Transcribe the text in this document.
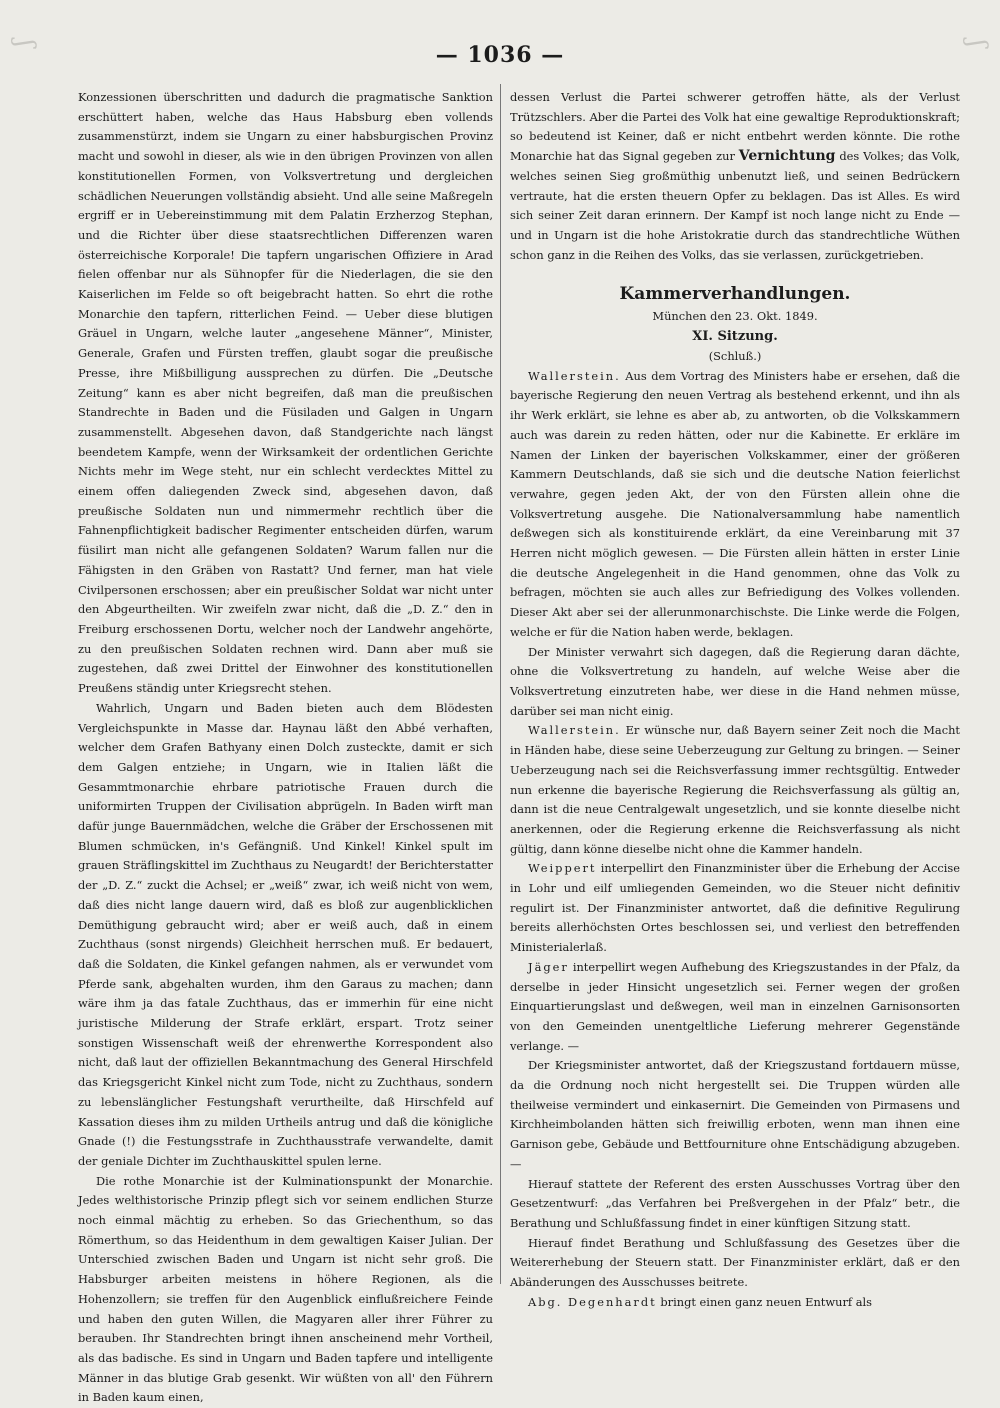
ʃ	ʃ
— 1036 —

Konzessionen überschritten und dadurch die pragmatische Sanktion erschüttert haben, welche das Haus Habsburg eben vollends zusammenstürzt, indem sie Ungarn zu einer habsburgischen Provinz macht und sowohl in dieser, als wie in den übrigen Provinzen von allen konstitutionellen Formen, von Volksvertretung und dergleichen schädlichen Neuerungen vollständig absieht. Und alle seine Maßregeln ergriff er in Uebereinstimmung mit dem Palatin Erzherzog Stephan, und die Richter über diese staatsrechtlichen Differenzen waren österreichische Korporale! Die tapfern ungarischen Offiziere in Arad fielen offenbar nur als Sühnopfer für die Niederlagen, die sie den Kaiserlichen im Felde so oft beigebracht hatten. So ehrt die rothe Monarchie den tapfern, ritterlichen Feind. — Ueber diese blutigen Gräuel in Ungarn, welche lauter „angesehene Männer“, Minister, Generale, Grafen und Fürsten treffen, glaubt sogar die preußische Presse, ihre Mißbilligung aussprechen zu dürfen. Die „Deutsche Zeitung“ kann es aber nicht begreifen, daß man die preußischen Standrechte in Baden und die Füsiladen und Galgen in Ungarn zusammenstellt. Abgesehen davon, daß Standgerichte nach längst beendetem Kampfe, wenn der Wirksamkeit der ordentlichen Gerichte Nichts mehr im Wege steht, nur ein schlecht verdecktes Mittel zu einem offen daliegenden Zweck sind, abgesehen davon, daß preußische Soldaten nun und nimmermehr rechtlich über die Fahnenpflichtigkeit badischer Regimenter entscheiden dürfen, warum füsilirt man nicht alle gefangenen Soldaten? Warum fallen nur die Fähigsten in den Gräben von Rastatt? Und ferner, man hat viele Civilpersonen erschossen; aber ein preußischer Soldat war nicht unter den Abgeurtheilten. Wir zweifeln zwar nicht, daß die „D. Z.“ den in Freiburg erschossenen Dortu, welcher noch der Landwehr angehörte, zu den preußischen Soldaten rechnen wird. Dann aber muß sie zugestehen, daß zwei Drittel der Einwohner des konstitutionellen Preußens ständig unter Kriegsrecht stehen.

Wahrlich, Ungarn und Baden bieten auch dem Blödesten Vergleichspunkte in Masse dar. Haynau läßt den Abbé verhaften, welcher dem Grafen Bathyany einen Dolch zusteckte, damit er sich dem Galgen entziehe; in Ungarn, wie in Italien läßt die Gesammtmonarchie ehrbare patriotische Frauen durch die uniformirten Truppen der Civilisation abprügeln. In Baden wirft man dafür junge Bauernmädchen, welche die Gräber der Erschossenen mit Blumen schmücken, in's Gefängniß. Und Kinkel! Kinkel spult im grauen Sträflingskittel im Zuchthaus zu Neugardt! der Berichterstatter der „D. Z.“ zuckt die Achsel; er „weiß“ zwar, ich weiß nicht von wem, daß dies nicht lange dauern wird, daß es bloß zur augenblicklichen Demüthigung gebraucht wird; aber er weiß auch, daß in einem Zuchthaus (sonst nirgends) Gleichheit herrschen muß. Er bedauert, daß die Soldaten, die Kinkel gefangen nahmen, als er verwundet vom Pferde sank, abgehalten wurden, ihm den Garaus zu machen; dann wäre ihm ja das fatale Zuchthaus, das er immerhin für eine nicht juristische Milderung der Strafe erklärt, erspart. Trotz seiner sonstigen Wissenschaft weiß der ehrenwerthe Korrespondent also nicht, daß laut der offiziellen Bekanntmachung des General Hirschfeld das Kriegsgericht Kinkel nicht zum Tode, nicht zu Zuchthaus, sondern zu lebenslänglicher Festungshaft verurtheilte, daß Hirschfeld auf Kassation dieses ihm zu milden Urtheils antrug und daß die königliche Gnade (!) die Festungsstrafe in Zuchthausstrafe verwandelte, damit der geniale Dichter im Zuchthauskittel spulen lerne.

Die rothe Monarchie ist der Kulminationspunkt der Monarchie. Jedes welthistorische Prinzip pflegt sich vor seinem endlichen Sturze noch einmal mächtig zu erheben. So das Griechenthum, so das Römerthum, so das Heidenthum in dem gewaltigen Kaiser Julian. Der Unterschied zwischen Baden und Ungarn ist nicht sehr groß. Die Habsburger arbeiten meistens in höhere Regionen, als die Hohenzollern; sie treffen für den Augenblick einflußreichere Feinde und haben den guten Willen, die Magyaren aller ihrer Führer zu berauben. Ihr Standrechten bringt ihnen anscheinend mehr Vortheil, als das badische. Es sind in Ungarn und Baden tapfere und intelligente Männer in das blutige Grab gesenkt. Wir wüßten von all' den Führern in Baden kaum einen,

dessen Verlust die Partei schwerer getroffen hätte, als der Verlust Trützschlers. Aber die Partei des Volk hat eine gewaltige Reproduktionskraft; so bedeutend ist Keiner, daß er nicht entbehrt werden könnte. Die rothe Monarchie hat das Signal gegeben zur Vernichtung des Volkes; das Volk, welches seinen Sieg großmüthig unbenutzt ließ, und seinen Bedrückern vertraute, hat die ersten theuern Opfer zu beklagen. Das ist Alles. Es wird sich seiner Zeit daran erinnern. Der Kampf ist noch lange nicht zu Ende — und in Ungarn ist die hohe Aristokratie durch das standrechtliche Wüthen schon ganz in die Reihen des Volks, das sie verlassen, zurückgetrieben.

Kammerverhandlungen.
München den 23. Okt. 1849.
XI. Sitzung.
(Schluß.)

Wallerstein. Aus dem Vortrag des Ministers habe er ersehen, daß die bayerische Regierung den neuen Vertrag als bestehend erkennt, und ihn als ihr Werk erklärt, sie lehne es aber ab, zu antworten, ob die Volkskammern auch was darein zu reden hätten, oder nur die Kabinette. Er erkläre im Namen der Linken der bayerischen Volkskammer, einer der größeren Kammern Deutschlands, daß sie sich und die deutsche Nation feierlichst verwahre, gegen jeden Akt, der von den Fürsten allein ohne die Volksvertretung ausgehe. Die Nationalversammlung habe namentlich deßwegen sich als konstituirende erklärt, da eine Vereinbarung mit 37 Herren nicht möglich gewesen. — Die Fürsten allein hätten in erster Linie die deutsche Angelegenheit in die Hand genommen, ohne das Volk zu befragen, möchten sie auch alles zur Befriedigung des Volkes vollenden. Dieser Akt aber sei der allerunmonarchischste. Die Linke werde die Folgen, welche er für die Nation haben werde, beklagen.

Der Minister verwahrt sich dagegen, daß die Regierung daran dächte, ohne die Volksvertretung zu handeln, auf welche Weise aber die Volksvertretung einzutreten habe, wer diese in die Hand nehmen müsse, darüber sei man nicht einig.

Wallerstein. Er wünsche nur, daß Bayern seiner Zeit noch die Macht in Händen habe, diese seine Ueberzeugung zur Geltung zu bringen. — Seiner Ueberzeugung nach sei die Reichsverfassung immer rechtsgültig. Entweder nun erkenne die bayerische Regierung die Reichsverfassung als gültig an, dann ist die neue Centralgewalt ungesetzlich, und sie konnte dieselbe nicht anerkennen, oder die Regierung erkenne die Reichsverfassung als nicht gültig, dann könne dieselbe nicht ohne die Kammer handeln.

Weippert interpellirt den Finanzminister über die Erhebung der Accise in Lohr und eilf umliegenden Gemeinden, wo die Steuer nicht definitiv regulirt ist. Der Finanzminister antwortet, daß die definitive Regulirung bereits allerhöchsten Ortes beschlossen sei, und verliest den betreffenden Ministerialerlaß.

Jäger interpellirt wegen Aufhebung des Kriegszustandes in der Pfalz, da derselbe in jeder Hinsicht ungesetzlich sei. Ferner wegen der großen Einquartierungslast und deßwegen, weil man in einzelnen Garnisonsorten von den Gemeinden unentgeltliche Lieferung mehrerer Gegenstände verlange. —

Der Kriegsminister antwortet, daß der Kriegszustand fortdauern müsse, da die Ordnung noch nicht hergestellt sei. Die Truppen würden alle theilweise vermindert und einkasernirt. Die Gemeinden von Pirmasens und Kirchheimbolanden hätten sich freiwillig erboten, wenn man ihnen eine Garnison gebe, Gebäude und Bettfourniture ohne Entschädigung abzugeben. —

Hierauf stattete der Referent des ersten Ausschusses Vortrag über den Gesetzentwurf: „das Verfahren bei Preßvergehen in der Pfalz“ betr., die Berathung und Schlußfassung findet in einer künftigen Sitzung statt.

Hierauf findet Berathung und Schlußfassung des Gesetzes über die Weitererhebung der Steuern statt. Der Finanzminister erklärt, daß er den Abänderungen des Ausschusses beitrete.

Abg. Degenhardt bringt einen ganz neuen Entwurf als
